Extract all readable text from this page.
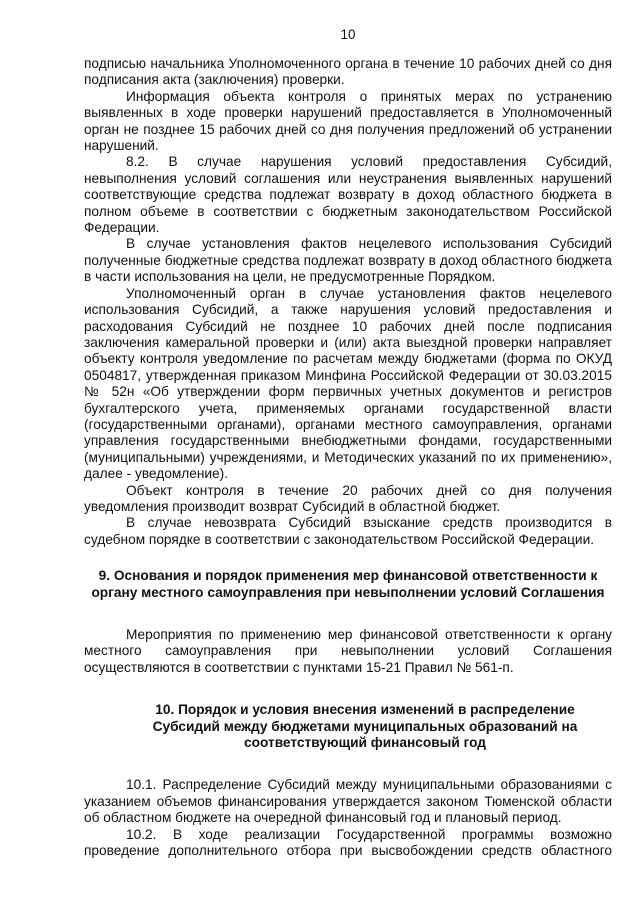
10

подписью начальника Уполномоченного органа в течение 10 рабочих дней со дня подписания акта (заключения) проверки.

Информация объекта контроля о принятых мерах по устранению выявленных в ходе проверки нарушений предоставляется в Уполномоченный орган не позднее 15 рабочих дней со дня получения предложений об устранении нарушений.

8.2. В случае нарушения условий предоставления Субсидий, невыполнения условий соглашения или неустранения выявленных нарушений соответствующие средства подлежат возврату в доход областного бюджета в полном объеме в соответствии с бюджетным законодательством Российской Федерации.

В случае установления фактов нецелевого использования Субсидий полученные бюджетные средства подлежат возврату в доход областного бюджета в части использования на цели, не предусмотренные Порядком.

Уполномоченный орган в случае установления фактов нецелевого использования Субсидий, а также нарушения условий предоставления и расходования Субсидий не позднее 10 рабочих дней после подписания заключения камеральной проверки и (или) акта выездной проверки направляет объекту контроля уведомление по расчетам между бюджетами (форма по ОКУД 0504817, утвержденная приказом Минфина Российской Федерации от 30.03.2015 № 52н «Об утверждении форм первичных учетных документов и регистров бухгалтерского учета, применяемых органами государственной власти (государственными органами), органами местного самоуправления, органами управления государственными внебюджетными фондами, государственными (муниципальными) учреждениями, и Методических указаний по их применению», далее - уведомление).

Объект контроля в течение 20 рабочих дней со дня получения уведомления производит возврат Субсидий в областной бюджет.

В случае невозврата Субсидий взыскание средств производится в судебном порядке в соответствии с законодательством Российской Федерации.

9. Основания и порядок применения мер финансовой ответственности к органу местного самоуправления при невыполнении условий Соглашения

Мероприятия по применению мер финансовой ответственности к органу местного самоуправления при невыполнении условий Соглашения осуществляются в соответствии с пунктами 15-21 Правил № 561-п.

10. Порядок и условия внесения изменений в распределение Субсидий между бюджетами муниципальных образований на соответствующий финансовый год

10.1. Распределение Субсидий между муниципальными образованиями с указанием объемов финансирования утверждается законом Тюменской области об областном бюджете на очередной финансовый год и плановый период.

10.2. В ходе реализации Государственной программы возможно проведение дополнительного отбора при высвобождении средств областного
